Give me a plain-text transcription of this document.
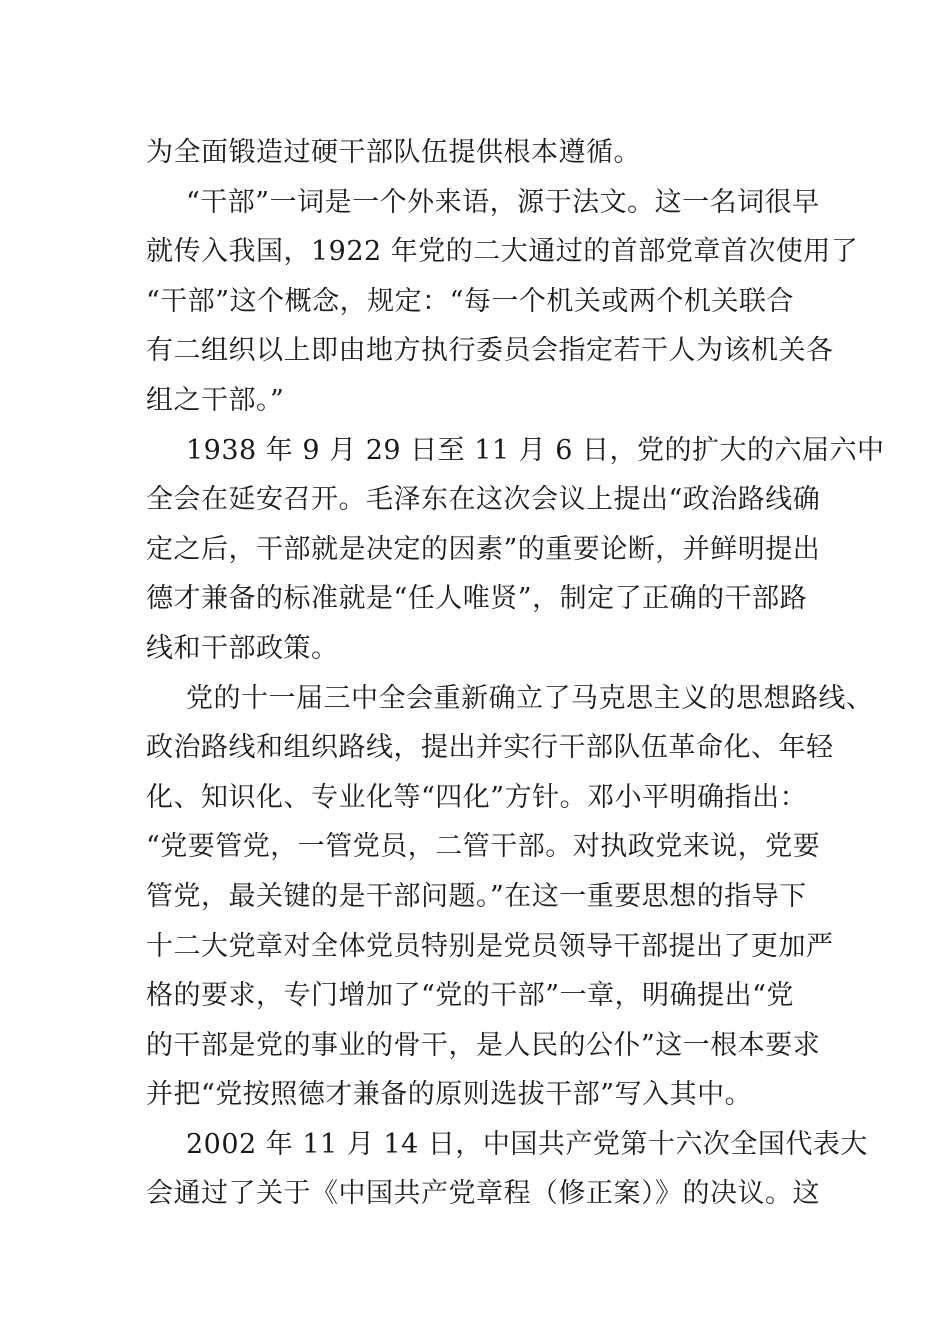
为全面锻造过硬干部队伍提供根本遵循。
“干部”一词是一个外来语，源于法文。这一名词很早
就传入我国，1922 年党的二大通过的首部党章首次使用了
“干部”这个概念，规定：“每一个机关或两个机关联合
有二组织以上即由地方执行委员会指定若干人为该机关各
组之干部。”
1938 年 9 月 29 日至 11 月 6 日，党的扩大的六届六中
全会在延安召开。毛泽东在这次会议上提出“政治路线确
定之后，干部就是决定的因素”的重要论断，并鲜明提出
德才兼备的标准就是“任人唯贤”，制定了正确的干部路
线和干部政策。
党的十一届三中全会重新确立了马克思主义的思想路线、
政治路线和组织路线，提出并实行干部队伍革命化、年轻
化、知识化、专业化等“四化”方针。邓小平明确指出：
“党要管党，一管党员，二管干部。对执政党来说，党要
管党，最关键的是干部问题。”在这一重要思想的指导下
十二大党章对全体党员特别是党员领导干部提出了更加严
格的要求，专门增加了“党的干部”一章，明确提出“党
的干部是党的事业的骨干，是人民的公仆”这一根本要求
并把“党按照德才兼备的原则选拔干部”写入其中。
2002 年 11 月 14 日，中国共产党第十六次全国代表大
会通过了关于《中国共产党章程（修正案）》的决议。这
